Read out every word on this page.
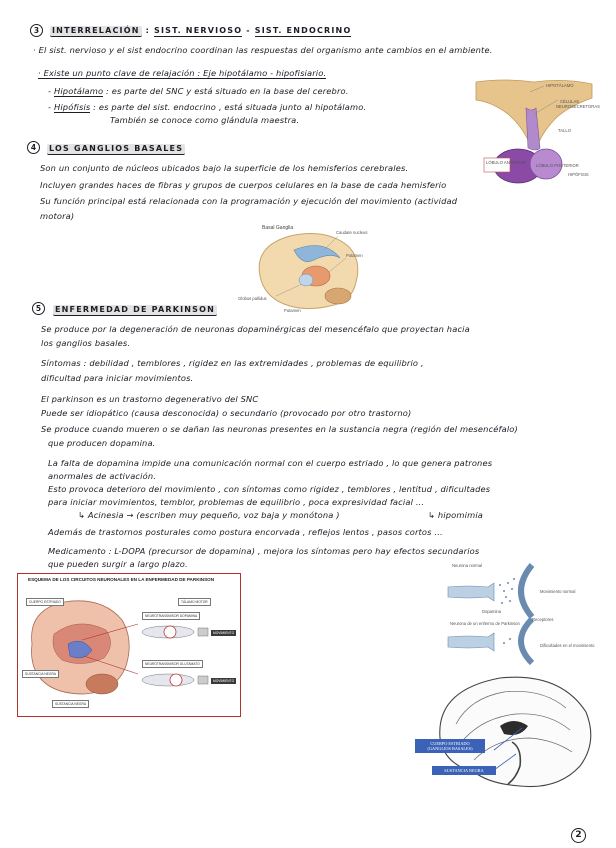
3	INTERRELACIÓN : SIST. NERVIOSO - SIST. ENDOCRINO
· El sist. nervioso y el sist endocrino coordinan las respuestas del organismo ante cambios en el ambiente.
· Existe un punto clave de relajación : Eje hipotálamo - hipofisiario.
- Hipotálamo : es parte del SNC y está situado en la base del cerebro.
- Hipófisis : es parte del sist. endocrino , está situada junto al hipotálamo.
También se conoce como glándula maestra.
HIPOTÁLAMO
CÉLULAS
NEUROSECRETORAS
TALLO
LÓBULO ANTERIOR
LÓBULO POSTERIOR
HIPÓFISIS
4	LOS GANGLIOS BASALES
Son un conjunto de núcleos ubicados bajo la superficie de los hemisferios cerebrales.
Incluyen grandes haces de fibras y grupos de cuerpos celulares en la base de cada hemisferio
Su función principal está relacionada con la programación y ejecución del movimiento (actividad
motora)
Basal Ganglia
Caudate nucleus
Putamen
Globus pallidus
Putamen
5	ENFERMEDAD DE PARKINSON
Se produce por la degeneración de neuronas dopaminérgicas del mesencéfalo que proyectan hacia
los ganglios basales.
Síntomas : debilidad , temblores , rigidez en las extremidades , problemas de equilibrio ,
dificultad para iniciar movimientos.
El parkinson es un trastorno degenerativo del SNC
Puede ser idiopático (causa desconocida) o secundario (provocado por otro trastorno)
Se produce cuando mueren o se dañan las neuronas presentes en la sustancia negra (región del mesencéfalo)
que producen dopamina.
La falta de dopamina impide una comunicación normal con el cuerpo estriado , lo que genera patrones
anormales de activación.
Esto provoca deterioro del movimiento , con síntomas como rigidez , temblores , lentitud , dificultades
para iniciar movimientos, temblor, problemas de equilibrio , poca expresividad facial ...
↳ Acinesia → (escriben muy pequeño, voz baja y monótona )	↳ hipomimia
Además de trastornos posturales como postura encorvada , reflejos lentos , pasos cortos ...
Medicamento : L-DOPA (precursor de dopamina) , mejora los síntomas pero hay efectos secundarios
que pueden surgir a largo plazo.
ESQUEMA DE LOS CIRCUITOS NEURONALES EN LA ENFERMEDAD DE PARKINSON
CUERPO ESTRIADO	TÁLAMO MOTOR
NEUROTRANSMISOR DOPAMINA
NEUROTRANSMISOR GLUTAMATO
MOVIMIENTO
MOVIMIENTO
SUSTANCIA NEGRA
SUSTANCIA NEGRA
Neurona normal
Movimiento normal
Dopamina
Neurona de un enfermo de Parkinson
Receptores
Dificultades en el movimiento
CUERPO ESTRIADO
(GANGLIOS BASALES)
SUSTANCIA NEGRA
2
